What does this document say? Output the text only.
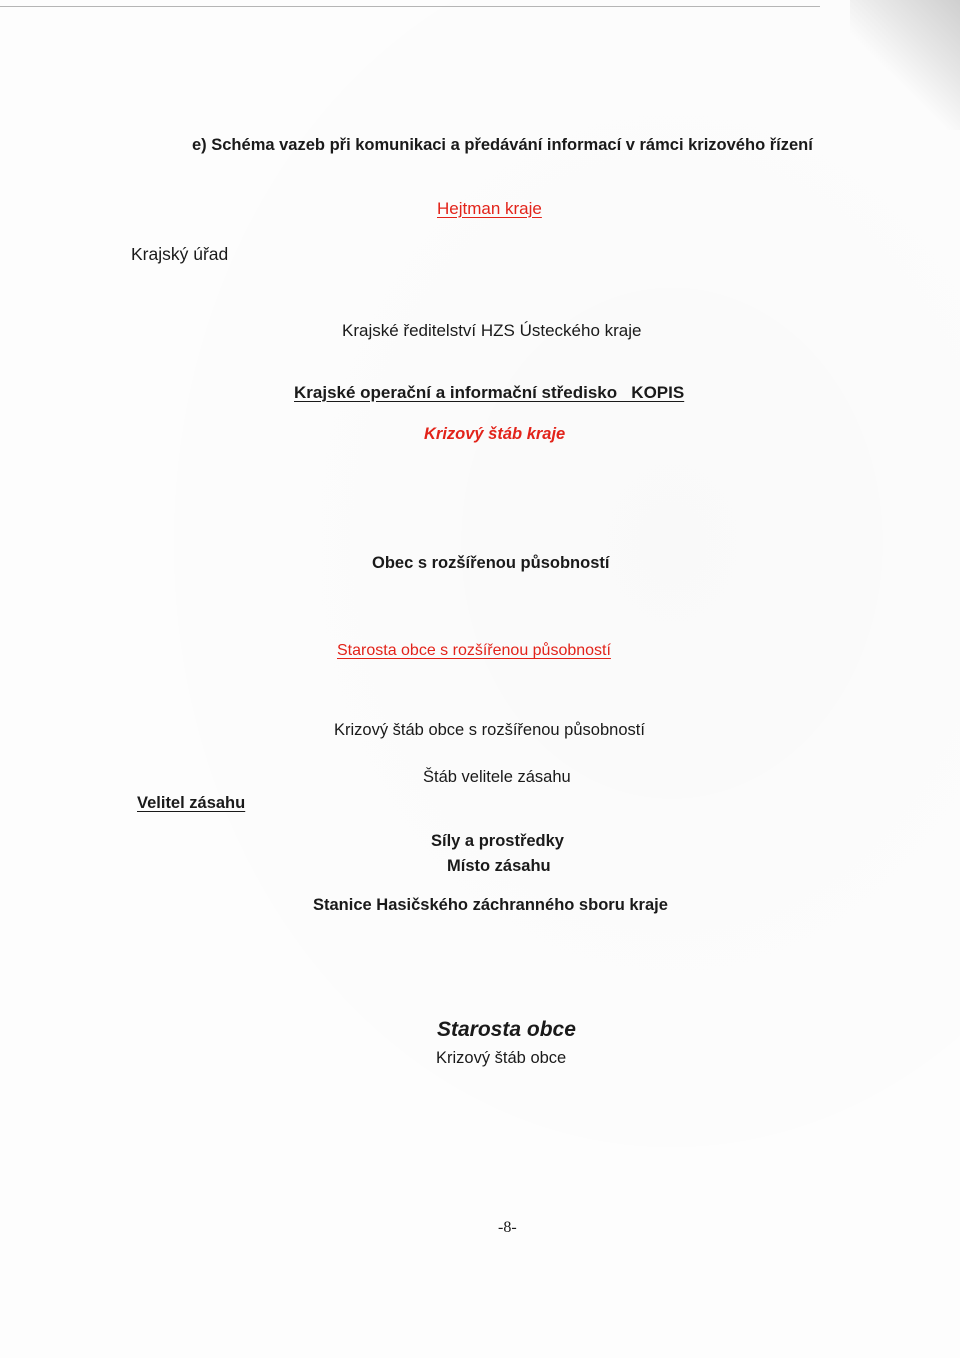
e) Schéma vazeb při komunikaci a předávání informací v rámci krizového řízení
Hejtman kraje
Krajský úřad
Krajské ředitelství HZS Ústeckého kraje
Krajské operační a informační středisko   KOPIS
Krizový štáb kraje
Obec s rozšířenou působností
Starosta obce s rozšířenou působností
Krizový štáb obce s rozšířenou působností
Štáb velitele zásahu
Velitel zásahu
Síly a prostředky
Místo zásahu
Stanice Hasičského záchranného sboru kraje
Starosta obce
Krizový štáb obce
-8-
